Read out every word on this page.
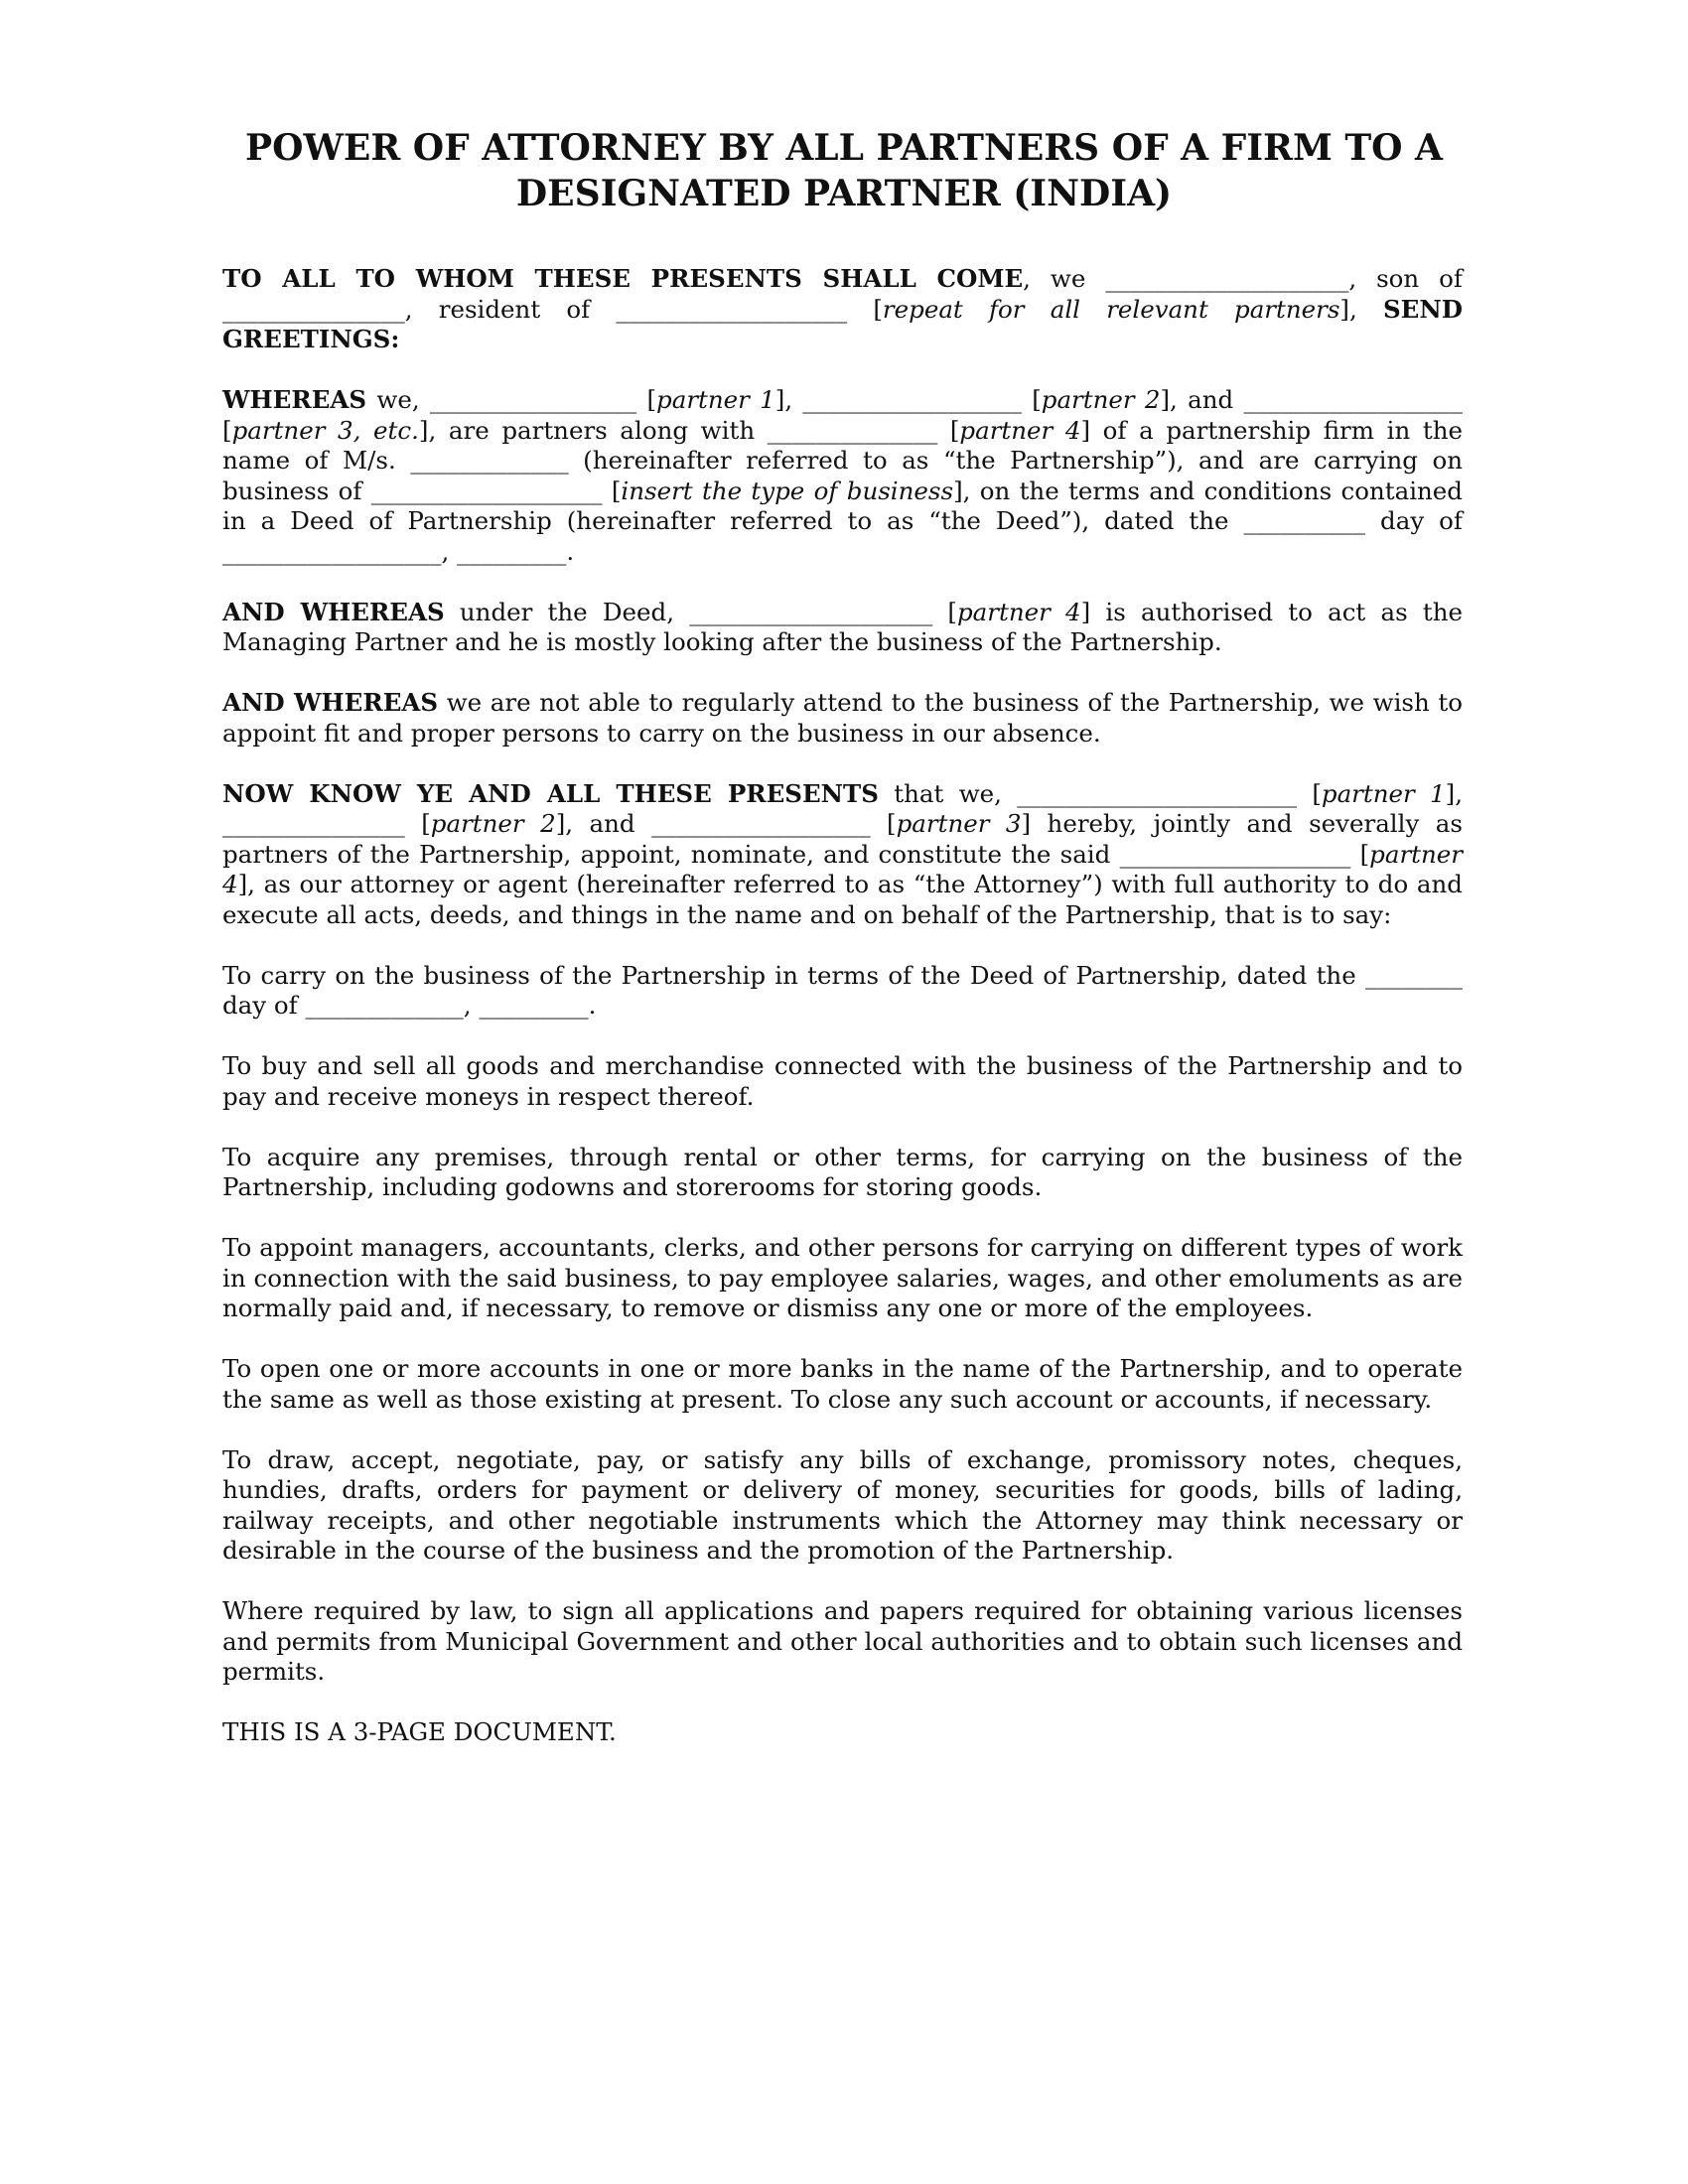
POWER OF ATTORNEY BY ALL PARTNERS OF A FIRM TO A
DESIGNATED PARTNER (INDIA)

TO ALL TO WHOM THESE PRESENTS SHALL COME, we ____________________, son of _______________, resident of ___________________ [repeat for all relevant partners], SEND GREETINGS:

WHEREAS we, _________________ [partner 1], __________________ [partner 2], and __________________ [partner 3, etc.], are partners along with ______________ [partner 4] of a partnership firm in the name of M/s. _____________ (hereinafter referred to as “the Partnership”), and are carrying on business of ___________________ [insert the type of business], on the terms and conditions contained in a Deed of Partnership (hereinafter referred to as “the Deed”), dated the __________ day of __________________, _________.

AND WHEREAS under the Deed, ____________________ [partner 4] is authorised to act as the Managing Partner and he is mostly looking after the business of the Partnership.

AND WHEREAS we are not able to regularly attend to the business of the Partnership, we wish to appoint fit and proper persons to carry on the business in our absence.

NOW KNOW YE AND ALL THESE PRESENTS that we, _______________________ [partner 1], _______________ [partner 2], and __________________ [partner 3] hereby, jointly and severally as partners of the Partnership, appoint, nominate, and constitute the said ___________________ [partner 4], as our attorney or agent (hereinafter referred to as “the Attorney”) with full authority to do and execute all acts, deeds, and things in the name and on behalf of the Partnership, that is to say:

To carry on the business of the Partnership in terms of the Deed of Partnership, dated the ________ day of _____________, _________.

To buy and sell all goods and merchandise connected with the business of the Partnership and to pay and receive moneys in respect thereof.

To acquire any premises, through rental or other terms, for carrying on the business of the Partnership, including godowns and storerooms for storing goods.

To appoint managers, accountants, clerks, and other persons for carrying on different types of work in connection with the said business, to pay employee salaries, wages, and other emoluments as are normally paid and, if necessary, to remove or dismiss any one or more of the employees.

To open one or more accounts in one or more banks in the name of the Partnership, and to operate the same as well as those existing at present. To close any such account or accounts, if necessary.

To draw, accept, negotiate, pay, or satisfy any bills of exchange, promissory notes, cheques, hundies, drafts, orders for payment or delivery of money, securities for goods, bills of lading, railway receipts, and other negotiable instruments which the Attorney may think necessary or desirable in the course of the business and the promotion of the Partnership.

Where required by law, to sign all applications and papers required for obtaining various licenses and permits from Municipal Government and other local authorities and to obtain such licenses and permits.

THIS IS A 3-PAGE DOCUMENT.
